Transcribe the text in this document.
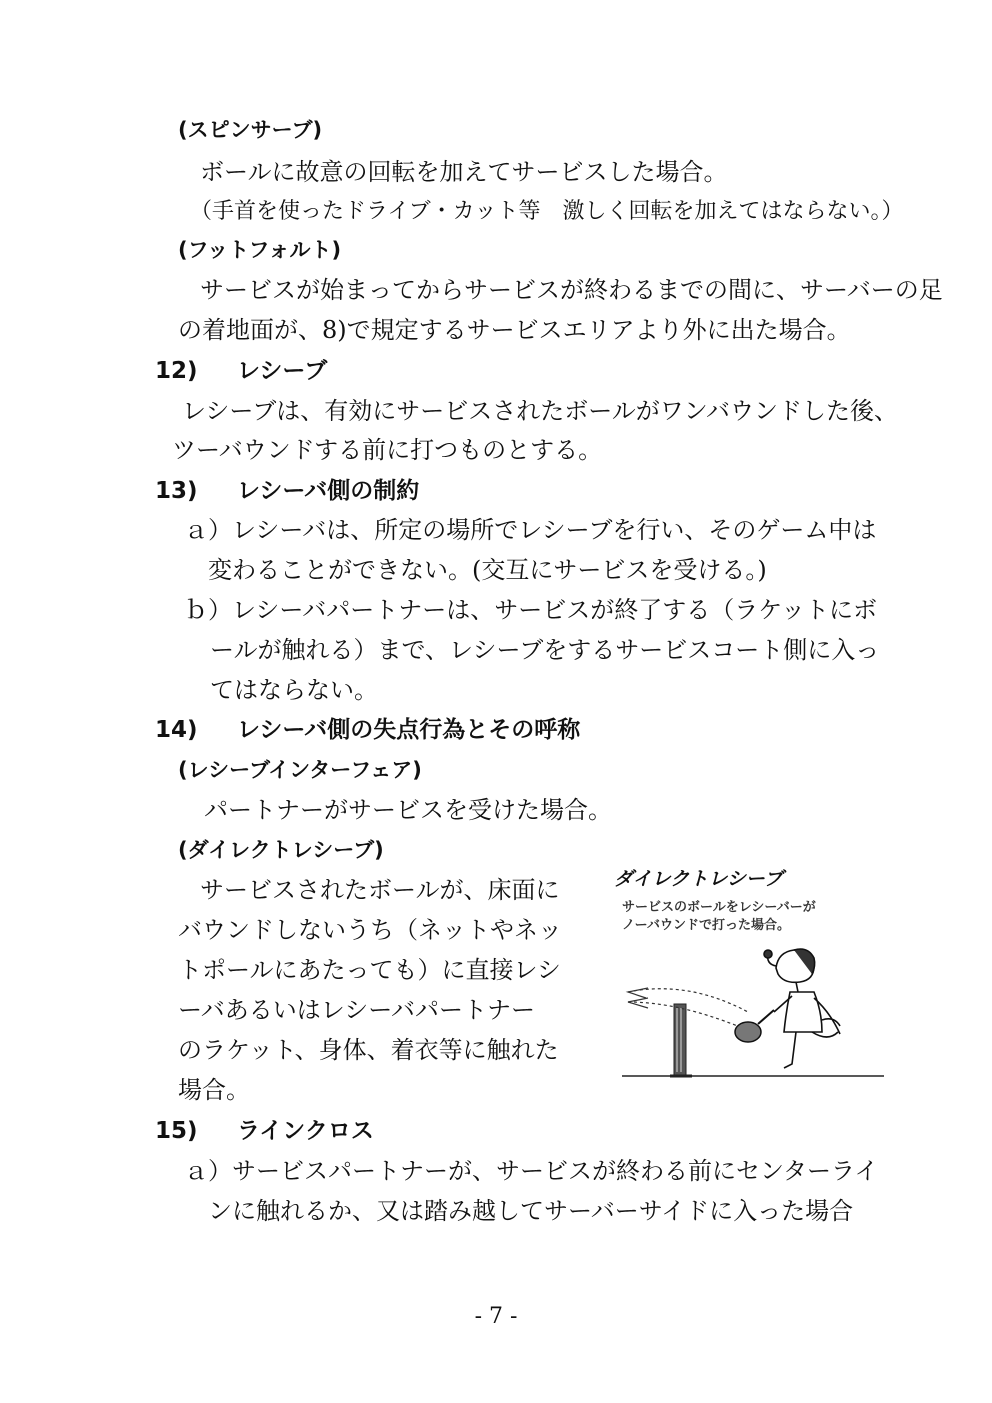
(スピンサーブ)
ボールに故意の回転を加えてサービスした場合。
（手首を使ったドライブ・カット等　激しく回転を加えてはならない。）
(フットフォルト)
サービスが始まってからサービスが終わるまでの間に、サーバーの足
の着地面が、8)で規定するサービスエリアより外に出た場合。
12) レシーブ
レシーブは、有効にサービスされたボールがワンバウンドした後、
ツーバウンドする前に打つものとする。
13) レシーバ側の制約
ａ）レシーバは、所定の場所でレシーブを行い、そのゲーム中は
変わることができない。(交互にサービスを受ける。)
ｂ）レシーバパートナーは、サービスが終了する（ラケットにボ
ールが触れる）まで、レシーブをするサービスコート側に入っ
てはならない。
14) レシーバ側の失点行為とその呼称
(レシーブインターフェア)
パートナーがサービスを受けた場合。
(ダイレクトレシーブ)
サービスされたボールが、床面に
バウンドしないうち（ネットやネッ
トポールにあたっても）に直接レシ
ーバあるいはレシーバパートナー
のラケット、身体、着衣等に触れた
場合。
ダイレクトレシーブ
サービスのボールをレシーバーが
ノーバウンドで打った場合。
15) ラインクロス
ａ）サービスパートナーが、サービスが終わる前にセンターライ
ンに触れるか、又は踏み越してサーバーサイドに入った場合
- 7 -
